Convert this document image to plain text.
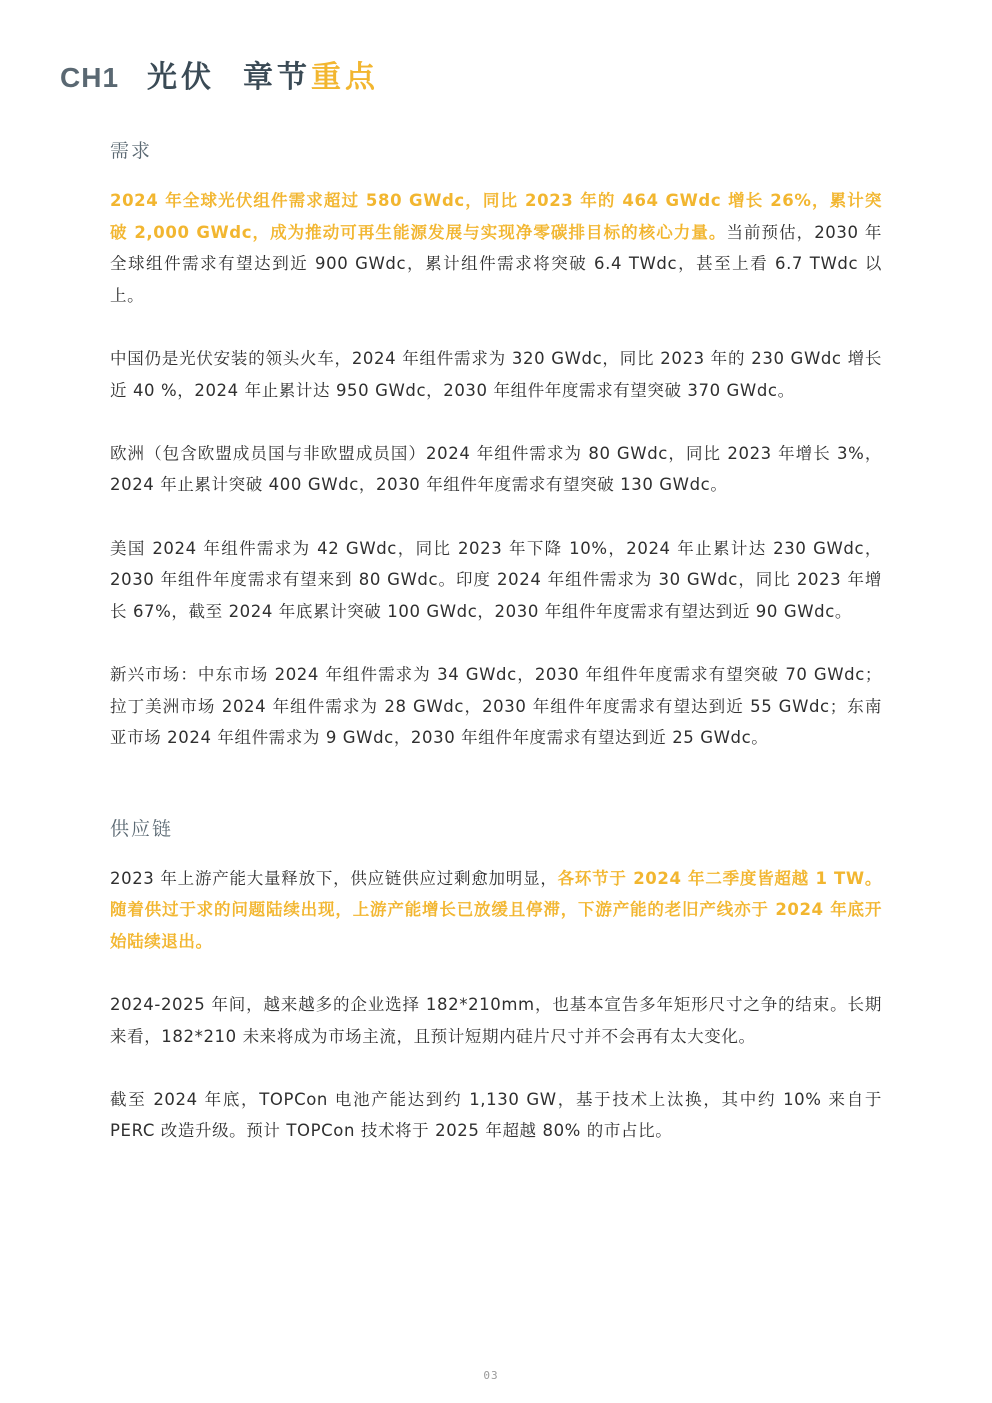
CH1 光伏 章节重点
需求

2024 年全球光伏组件需求超过 580 GWdc，同比 2023 年的 464 GWdc 增长 26%，累计突破 2,000 GWdc，成为推动可再生能源发展与实现净零碳排目标的核心力量。当前预估，2030 年全球组件需求有望达到近 900 GWdc，累计组件需求将突破 6.4 TWdc，甚至上看 6.7 TWdc 以上。

中国仍是光伏安装的领头火车，2024 年组件需求为 320 GWdc，同比 2023 年的 230 GWdc 增长近 40 %，2024 年止累计达 950 GWdc，2030 年组件年度需求有望突破 370 GWdc。

欧洲（包含欧盟成员国与非欧盟成员国）2024 年组件需求为 80 GWdc，同比 2023 年增长 3%，2024 年止累计突破 400 GWdc，2030 年组件年度需求有望突破 130 GWdc。

美国 2024 年组件需求为 42 GWdc，同比 2023 年下降 10%，2024 年止累计达 230 GWdc，2030 年组件年度需求有望来到 80 GWdc。印度 2024 年组件需求为 30 GWdc，同比 2023 年增长 67%，截至 2024 年底累计突破 100 GWdc，2030 年组件年度需求有望达到近 90 GWdc。

新兴市场：中东市场 2024 年组件需求为 34 GWdc，2030 年组件年度需求有望突破 70 GWdc；拉丁美洲市场 2024 年组件需求为 28 GWdc，2030 年组件年度需求有望达到近 55 GWdc；东南亚市场 2024 年组件需求为 9 GWdc，2030 年组件年度需求有望达到近 25 GWdc。

供应链

2023 年上游产能大量释放下，供应链供应过剩愈加明显，各环节于 2024 年二季度皆超越 1 TW。随着供过于求的问题陆续出现，上游产能增长已放缓且停滞，下游产能的老旧产线亦于 2024 年底开始陆续退出。

2024-2025 年间，越来越多的企业选择 182*210mm，也基本宣告多年矩形尺寸之争的结束。长期来看，182*210 未来将成为市场主流，且预计短期内硅片尺寸并不会再有太大变化。

截至 2024 年底，TOPCon 电池产能达到约 1,130 GW，基于技术上汰换，其中约 10% 来自于 PERC 改造升级。预计 TOPCon 技术将于 2025 年超越 80% 的市占比。

03
